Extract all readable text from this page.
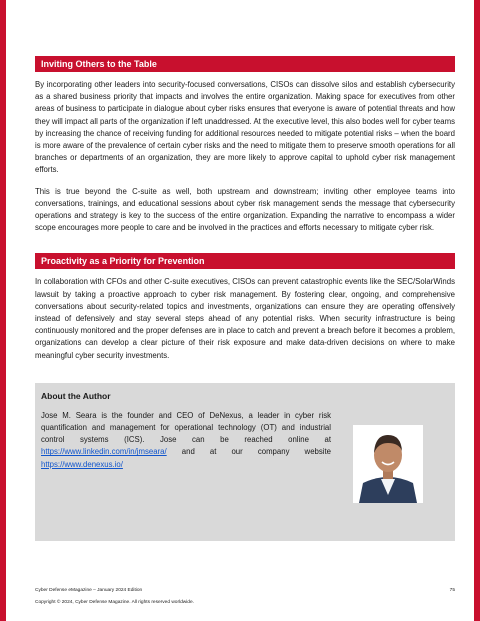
Inviting Others to the Table

By incorporating other leaders into security-focused conversations, CISOs can dissolve silos and establish cybersecurity as a shared business priority that impacts and involves the entire organization. Making space for executives from other areas of business to participate in dialogue about cyber risks ensures that everyone is aware of potential threats and how they will impact all parts of the organization if left unaddressed. At the executive level, this also bodes well for cyber teams by increasing the chance of receiving funding for additional resources needed to mitigate potential risks – when the board is more aware of the prevalence of certain cyber risks and the need to mitigate them to preserve smooth operations for all branches or departments of an organization, they are more likely to approve capital to uphold cyber risk management efforts.

This is true beyond the C-suite as well, both upstream and downstream; inviting other employee teams into conversations, trainings, and educational sessions about cyber risk management sends the message that cybersecurity operations and strategy is key to the success of the entire organization. Expanding the narrative to encompass a wider scope encourages more people to care and be involved in the practices and efforts necessary to mitigate cyber risk.

Proactivity as a Priority for Prevention

In collaboration with CFOs and other C-suite executives, CISOs can prevent catastrophic events like the SEC/SolarWinds lawsuit by taking a proactive approach to cyber risk management. By fostering clear, ongoing, and comprehensive conversations about security-related topics and investments, organizations can ensure they are operating offensively instead of defensively and stay several steps ahead of any potential risks. When security infrastructure is being continuously monitored and the proper defenses are in place to catch and prevent a breach before it becomes a problem, organizations can develop a clear picture of their risk exposure and make data-driven decisions on where to make meaningful cyber security investments.

About the Author
Jose M. Seara is the founder and CEO of DeNexus, a leader in cyber risk quantification and management for operational technology (OT) and industrial control systems (ICS). Jose can be reached online at https://www.linkedin.com/in/jmseara/ and at our company website https://www.denexus.io/
Cyber Defense eMagazine – January 2024 Edition	75
Copyright © 2024, Cyber Defense Magazine. All rights reserved worldwide.
